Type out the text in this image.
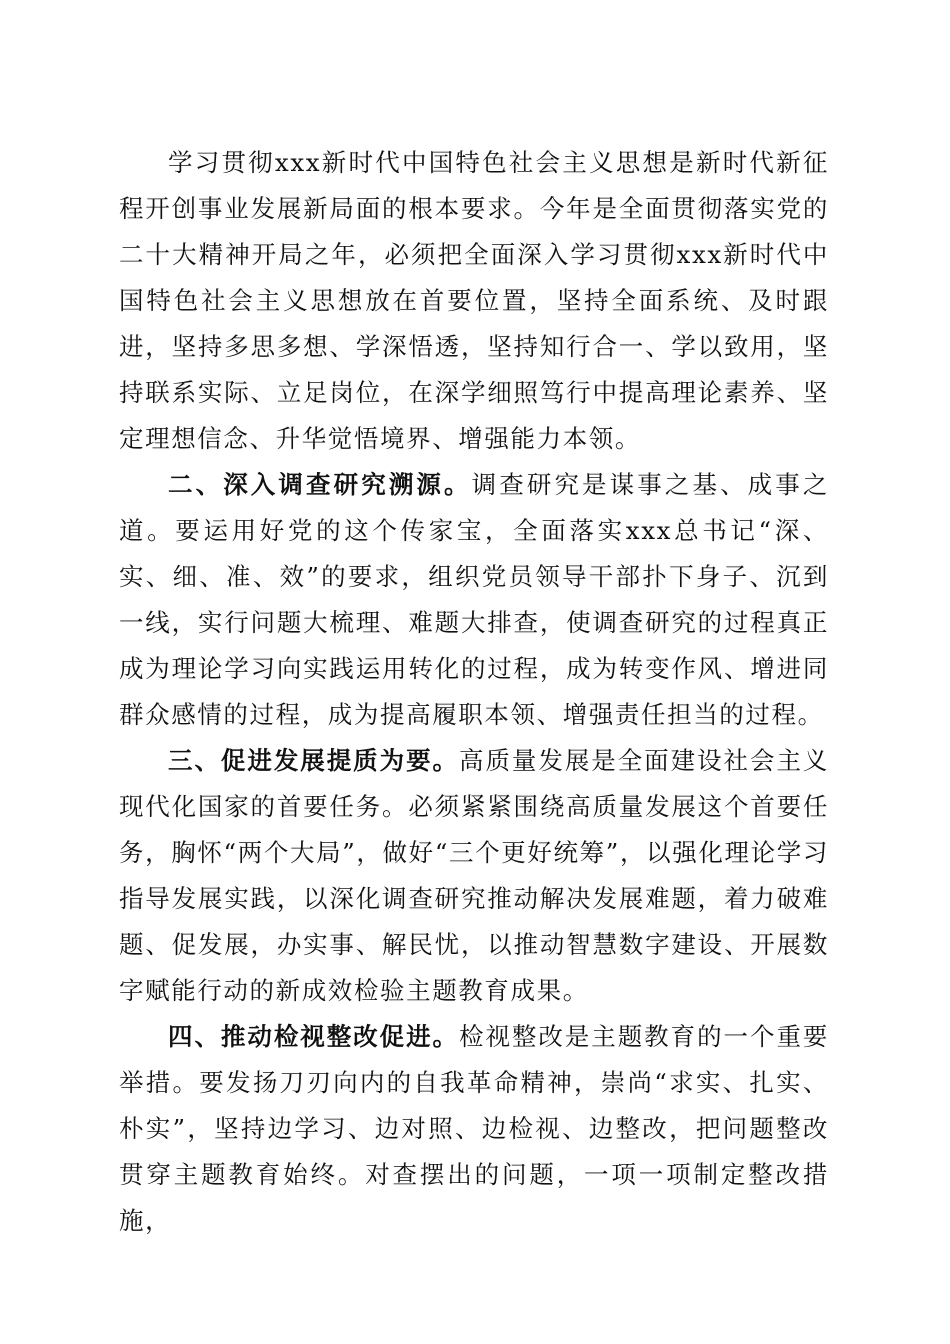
学习贯彻xxx新时代中国特色社会主义思想是新时代新征程开创事业发展新局面的根本要求。今年是全面贯彻落实党的二十大精神开局之年，必须把全面深入学习贯彻xxx新时代中国特色社会主义思想放在首要位置，坚持全面系统、及时跟进，坚持多思多想、学深悟透，坚持知行合一、学以致用，坚持联系实际、立足岗位，在深学细照笃行中提高理论素养、坚定理想信念、升华觉悟境界、增强能力本领。

二、深入调查研究溯源。调查研究是谋事之基、成事之道。要运用好党的这个传家宝，全面落实xxx总书记“深、实、细、准、效”的要求，组织党员领导干部扑下身子、沉到一线，实行问题大梳理、难题大排查，使调查研究的过程真正成为理论学习向实践运用转化的过程，成为转变作风、增进同群众感情的过程，成为提高履职本领、增强责任担当的过程。

三、促进发展提质为要。高质量发展是全面建设社会主义现代化国家的首要任务。必须紧紧围绕高质量发展这个首要任务，胸怀“两个大局”，做好“三个更好统筹”，以强化理论学习指导发展实践，以深化调查研究推动解决发展难题，着力破难题、促发展，办实事、解民忧，以推动智慧数字建设、开展数字赋能行动的新成效检验主题教育成果。

四、推动检视整改促进。检视整改是主题教育的一个重要举措。要发扬刀刃向内的自我革命精神，崇尚“求实、扎实、朴实”，坚持边学习、边对照、边检视、边整改，把问题整改贯穿主题教育始终。对查摆出的问题，一项一项制定整改措施，
